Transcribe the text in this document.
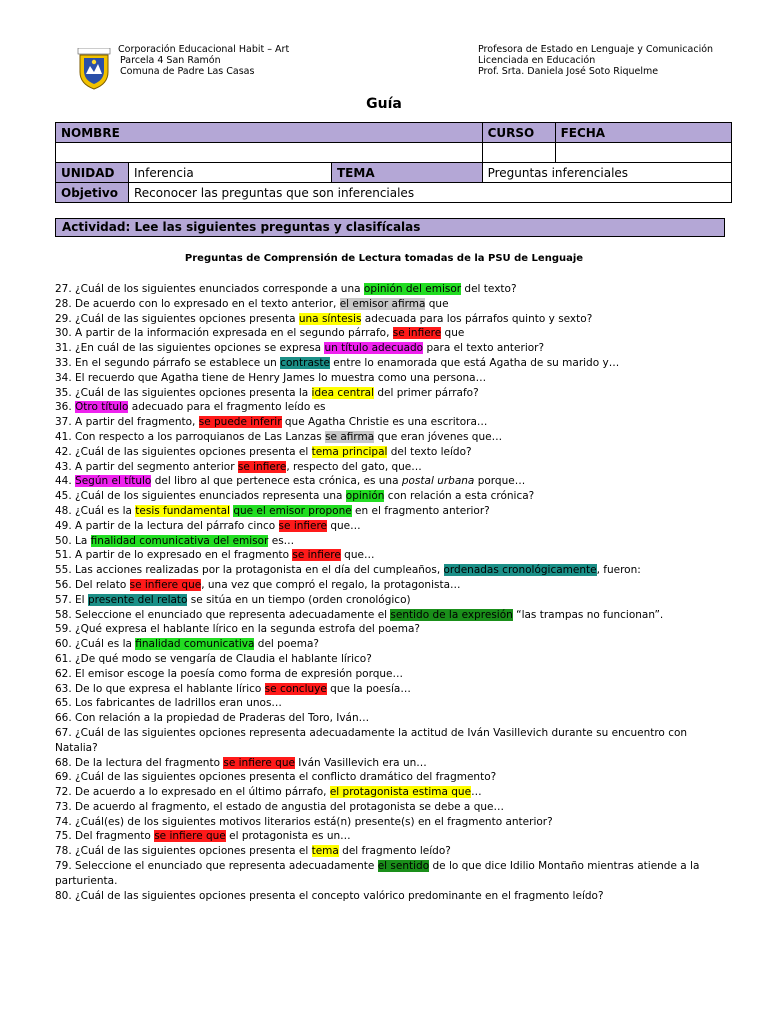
Corporación Educacional Habit – Art
Parcela 4 San Ramón
Comuna de Padre Las Casas
Profesora de Estado en Lenguaje y Comunicación
Licenciada en Educación
Prof. Srta. Daniela José Soto Riquelme
Guía
NOMBRE			CURSO	FECHA

UNIDAD	Inferencia	TEMA	Preguntas inferenciales	
Objetivo	Reconocer las preguntas que son inferenciales			
Actividad: Lee las siguientes preguntas y clasifícalas
Preguntas de Comprensión de Lectura tomadas de la PSU de Lenguaje
27. ¿Cuál de los siguientes enunciados corresponde a una opinión del emisor del texto?
28. De acuerdo con lo expresado en el texto anterior, el emisor afirma que
29. ¿Cuál de las siguientes opciones presenta una síntesis adecuada para los párrafos quinto y sexto?
30. A partir de la información expresada en el segundo párrafo, se infiere que
31. ¿En cuál de las siguientes opciones se expresa un título adecuado para el texto anterior?
33. En el segundo párrafo se establece un contraste entre lo enamorada que está Agatha de su marido y…
34. El recuerdo que Agatha tiene de Henry James lo muestra como una persona…
35. ¿Cuál de las siguientes opciones presenta la idea central del primer párrafo?
36. Otro título adecuado para el fragmento leído es
37. A partir del fragmento, se puede inferir que Agatha Christie es una escritora…
41. Con respecto a los parroquianos de Las Lanzas se afirma que eran jóvenes que…
42. ¿Cuál de las siguientes opciones presenta el tema principal del texto leído?
43. A partir del segmento anterior se infiere, respecto del gato, que…
44. Según el título del libro al que pertenece esta crónica, es una postal urbana porque…
45. ¿Cuál de los siguientes enunciados representa una opinión con relación a esta crónica?
48. ¿Cuál es la tesis fundamental que el emisor propone en el fragmento anterior?
49. A partir de la lectura del párrafo cinco se infiere que…
50. La finalidad comunicativa del emisor es…
51. A partir de lo expresado en el fragmento se infiere que…
55. Las acciones realizadas por la protagonista en el día del cumpleaños, ordenadas cronológicamente, fueron:
56. Del relato se infiere que, una vez que compró el regalo, la protagonista…
57. El presente del relato se sitúa en un tiempo (orden cronológico)
58. Seleccione el enunciado que representa adecuadamente el sentido de la expresión “las trampas no funcionan”.
59. ¿Qué expresa el hablante lírico en la segunda estrofa del poema?
60. ¿Cuál es la finalidad comunicativa del poema?
61. ¿De qué modo se vengaría de Claudia el hablante lírico?
62. El emisor escoge la poesía como forma de expresión porque…
63. De lo que expresa el hablante lírico se concluye que la poesía…
65. Los fabricantes de ladrillos eran unos…
66. Con relación a la propiedad de Praderas del Toro, Iván…
67. ¿Cuál de las siguientes opciones representa adecuadamente la actitud de Iván Vasillevich durante su encuentro con Natalia?
68. De la lectura del fragmento se infiere que Iván Vasillevich era un…
69. ¿Cuál de las siguientes opciones presenta el conflicto dramático del fragmento?
72. De acuerdo a lo expresado en el último párrafo, el protagonista estima que…
73. De acuerdo al fragmento, el estado de angustia del protagonista se debe a que…
74. ¿Cuál(es) de los siguientes motivos literarios está(n) presente(s) en el fragmento anterior?
75. Del fragmento se infiere que el protagonista es un…
78. ¿Cuál de las siguientes opciones presenta el tema del fragmento leído?
79. Seleccione el enunciado que representa adecuadamente el sentido de lo que dice Idilio Montaño mientras atiende a la parturienta.
80. ¿Cuál de las siguientes opciones presenta el concepto valórico predominante en el fragmento leído?
